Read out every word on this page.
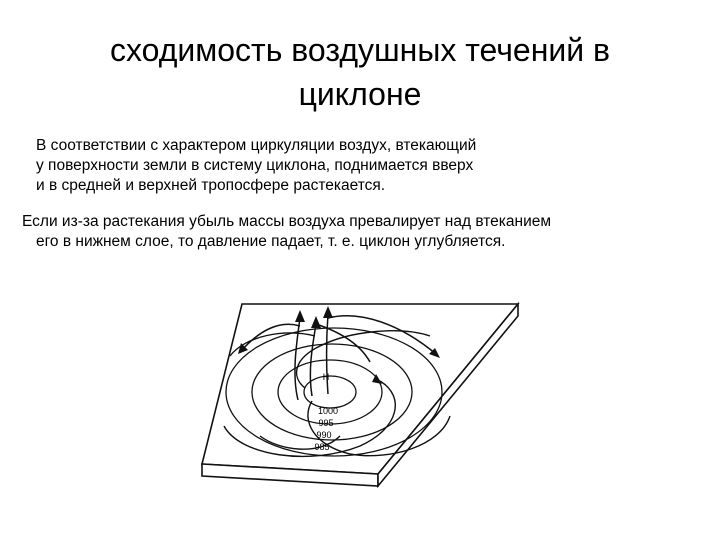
сходимость воздушных течений в
циклоне
В соответствии с характером циркуляции воздух, втекающий
у поверхности земли в систему циклона, поднимается вверх
и в средней и верхней тропосфере растекается.
Если из-за растекания убыль массы воздуха превалирует над втеканием
его в нижнем слое, то давление падает, т. е. циклон углубляется.
Н
1000
995
990
985
